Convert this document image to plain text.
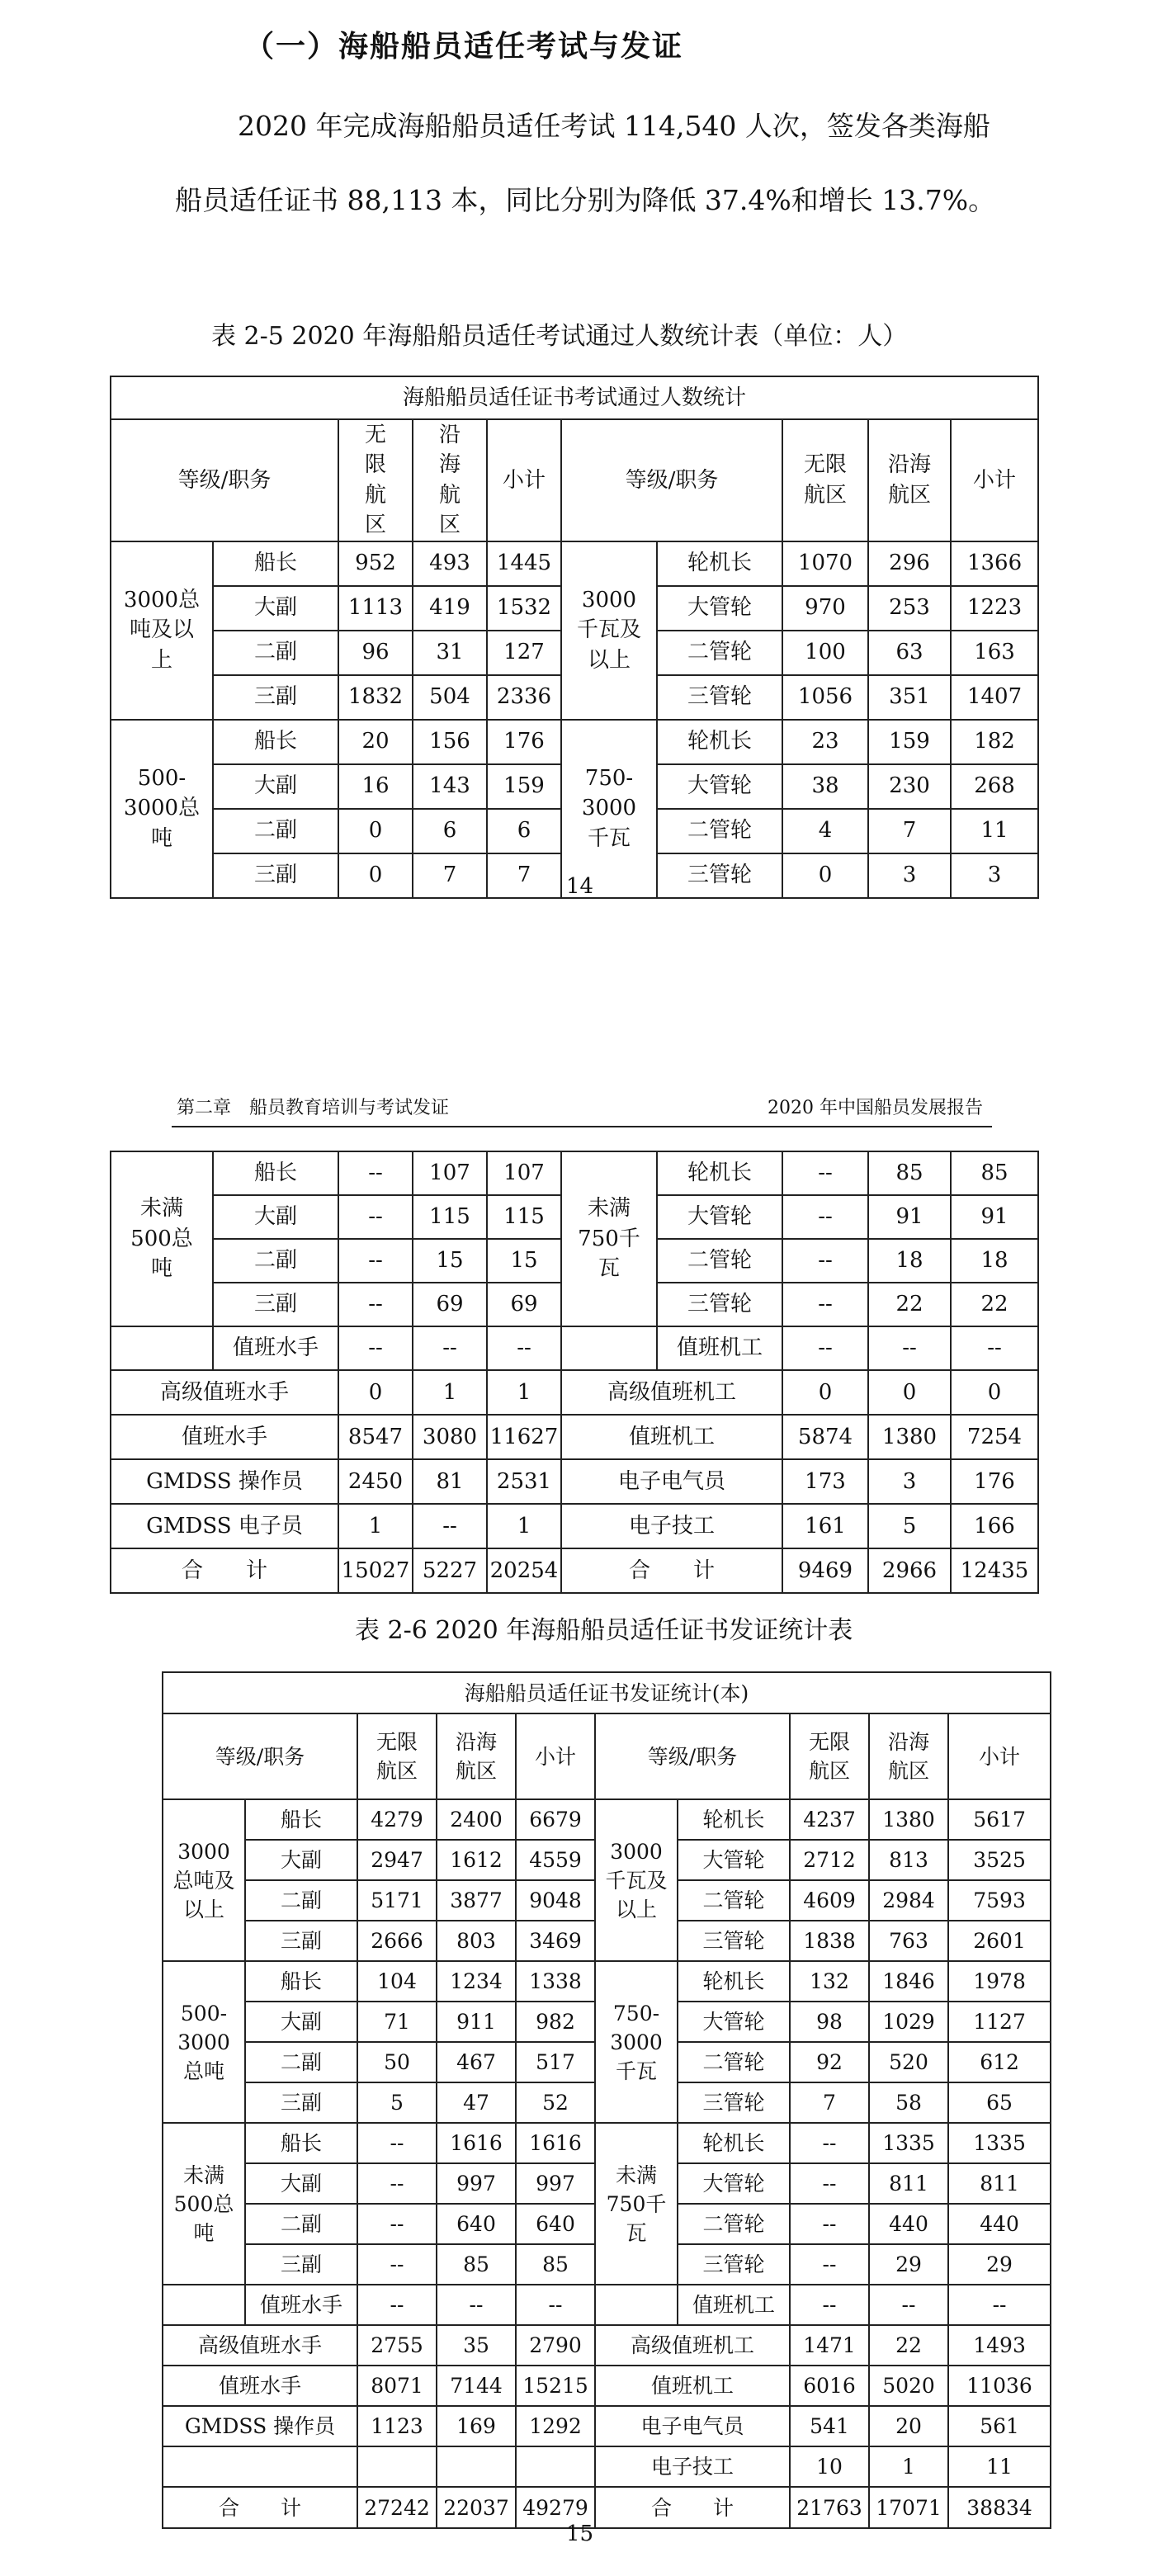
（一）海船船员适任考试与发证
2020 年完成海船船员适任考试 114,540 人次，签发各类海船船员适任证书 88,113 本，同比分别为降低 37.4%和增长 13.7%。
表 2-5 2020 年海船船员适任考试通过人数统计表（单位：人）
海船船员适任证书考试通过人数统计									
等级/职务		无限航区	沿海航区	小计	等级/职务		无限航区	沿海航区	小计
3000总吨及以上	船长	952	493	1445	3000千瓦及以上	轮机长	1070	296	1366
	大副	1113	419	1532		大管轮	970	253	1223
	二副	96	31	127		二管轮	100	63	163
	三副	1832	504	2336		三管轮	1056	351	1407
500-3000总吨	船长	20	156	176	750-3000千瓦	轮机长	23	159	182
	大副	16	143	159		大管轮	38	230	268
	二副	0	6	6		二管轮	4	7	11
	三副	0	7	7		三管轮	0	3	3
14
第二章　船员教育培训与考试发证	2020 年中国船员发展报告
未满500总吨	船长	--	107	107	未满750千瓦	轮机长	--	85	85
	大副	--	115	115		大管轮	--	91	91
	二副	--	15	15		二管轮	--	18	18
	三副	--	69	69		三管轮	--	22	22
	值班水手	--	--	--		值班机工	--	--	--
高级值班水手		0	1	1	高级值班机工		0	0	0
值班水手		8547	3080	11627	值班机工		5874	1380	7254
GMDSS 操作员		2450	81	2531	电子电气员		173	3	176
GMDSS 电子员		1	--	1	电子技工		161	5	166
合　　计		15027	5227	20254	合　　计		9469	2966	12435
表 2-6 2020 年海船船员适任证书发证统计表
海船船员适任证书发证统计(本)									
等级/职务		无限航区	沿海航区	小计	等级/职务		无限航区	沿海航区	小计
3000总吨及以上	船长	4279	2400	6679	3000千瓦及以上	轮机长	4237	1380	5617
	大副	2947	1612	4559		大管轮	2712	813	3525
	二副	5171	3877	9048		二管轮	4609	2984	7593
	三副	2666	803	3469		三管轮	1838	763	2601
500-3000总吨	船长	104	1234	1338	750-3000千瓦	轮机长	132	1846	1978
	大副	71	911	982		大管轮	98	1029	1127
	二副	50	467	517		二管轮	92	520	612
	三副	5	47	52		三管轮	7	58	65
未满500总吨	船长	--	1616	1616	未满750千瓦	轮机长	--	1335	1335
	大副	--	997	997		大管轮	--	811	811
	二副	--	640	640		二管轮	--	440	440
	三副	--	85	85		三管轮	--	29	29
	值班水手	--	--	--		值班机工	--	--	--
高级值班水手		2755	35	2790	高级值班机工		1471	22	1493
值班水手		8071	7144	15215	值班机工		6016	5020	11036
GMDSS 操作员		1123	169	1292	电子电气员		541	20	561
					电子技工		10	1	11
合　　计		27242	22037	49279	合　　计		21763	17071	38834
15
